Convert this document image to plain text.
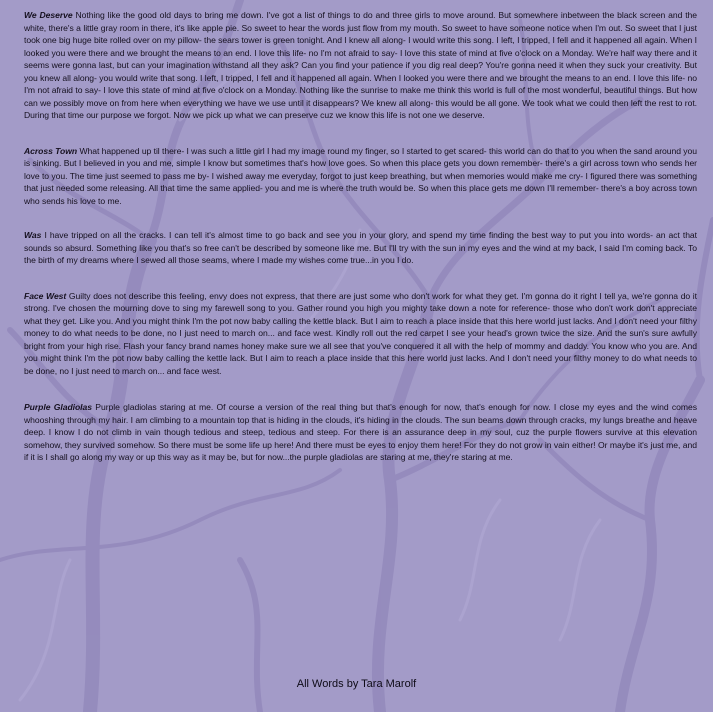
We Deserve Nothing like the good old days to bring me down. I've got a list of things to do and three girls to move around. But somewhere inbetween the black screen and the white, there's a little gray room in there, it's like apple pie. So sweet to hear the words just flow from my mouth. So sweet to have someone notice when I'm out. So sweet that I just took one big huge bite rolled over on my pillow- the sears tower is green tonight. And I knew all along- I would write this song. I left, I tripped, I fell and it happened all again. When I looked you were there and we brought the means to an end. I love this life- no I'm not afraid to say- I love this state of mind at five o'clock on a Monday. We're half way there and it seems were gonna last, but can your imagination withstand all they ask? Can you find your patience if you dig real deep? You're gonna need it when they suck your creativity. But you knew all along- you would write that song. I left, I tripped, I fell and it happened all again. When I looked you were there and we brought the means to an end. I love this life- no I'm not afraid to say- I love this state of mind at five o'clock on a Monday. Nothing like the sunrise to make me think this world is full of the most wonderful, beautiful things. But how can we possibly move on from here when everything we have we use until it disappears? We knew all along- this would be all gone. We took what we could then left the rest to rot. During that time our purpose we forgot. Now we pick up what we can preserve cuz we know this life is not one we deserve.

Across Town What happened up til there- I was such a little girl I had my image round my finger, so I started to get scared- this world can do that to you when the sand around you is sinking. But I believed in you and me, simple I know but sometimes that's how love goes. So when this place gets you down remember- there's a girl across town who sends her love to you. The time just seemed to pass me by- I wished away me everyday, forgot to just keep breathing, but when memories would make me cry- I figured there was something that just needed some releasing. All that time the same applied- you and me is where the truth would be. So when this place gets me down I'll remember- there's a boy across town who sends his love to me.

Was I have tripped on all the cracks. I can tell it's almost time to go back and see you in your glory, and spend my time finding the best way to put you into words- an act that sounds so absurd. Something like you that's so free can't be described by someone like me. But I'll try with the sun in my eyes and the wind at my back, I said I'm coming back. To the birth of my dreams where I sewed all those seams, where I made my wishes come true...in you I do.

Face West Guilty does not describe this feeling, envy does not express, that there are just some who don't work for what they get. I'm gonna do it right I tell ya, we're gonna do it strong. I've chosen the mourning dove to sing my farewell song to you. Gather round you high you mighty take down a note for reference- those who don't work don't appreciate what they get. Like you. And you might think I'm the pot now baby calling the kettle black. But I aim to reach a place inside that this here world just lacks. And I don't need your filthy money to do what needs to be done, no I just need to march on... and face west. Kindly roll out the red carpet I see your head's grown twice the size. And the sun's sure awfully bright from your high rise. Flash your fancy brand names honey make sure we all see that you've conquered it all with the help of mommy and daddy. You know who you are. And you might think I'm the pot now baby calling the kettle lack. But I aim to reach a place inside that this here world just lacks. And I don't need your filthy money to do what needs to be done, no I just need to march on... and face west.

Purple Gladiolas Purple gladiolas staring at me. Of course a version of the real thing but that's enough for now, that's enough for now. I close my eyes and the wind comes whooshing through my hair. I am climbing to a mountain top that is hiding in the clouds, it's hiding in the clouds. The sun beams down through cracks, my lungs breathe and heave deep. I know I do not climb in vain though tedious and steep, tedious and steep. For there is an assurance deep in my soul, cuz the purple flowers survive at this elevation somehow, they survived somehow. So there must be some life up here! And there must be eyes to enjoy them here! For they do not grow in vain either! Or maybe it's just me, and if it is I shall go along my way or up this way as it may be, but for now...the purple gladiolas are staring at me, they're staring at me.

All Words by Tara Marolf
